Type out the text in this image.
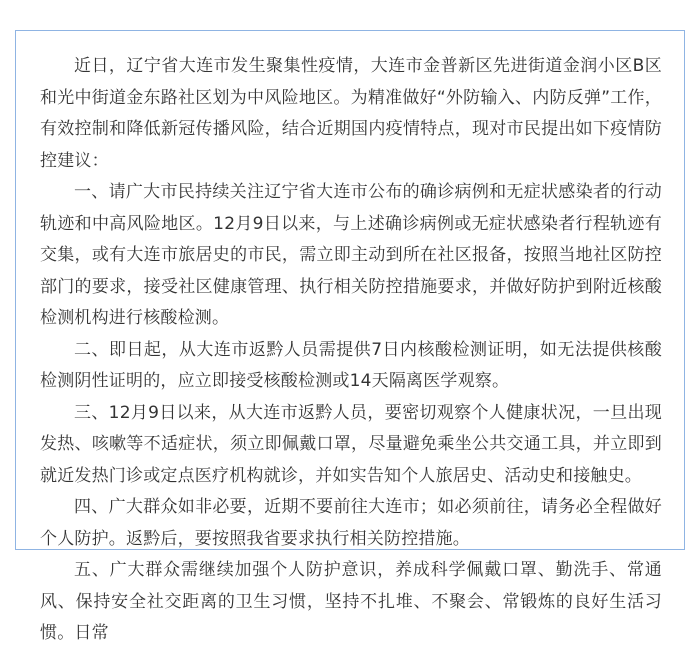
近日，辽宁省大连市发生聚集性疫情，大连市金普新区先进街道金润小区B区和光中街道金东路社区划为中风险地区。为精准做好“外防输入、内防反弹”工作，有效控制和降低新冠传播风险，结合近期国内疫情特点，现对市民提出如下疫情防控建议：

一、请广大市民持续关注辽宁省大连市公布的确诊病例和无症状感染者的行动轨迹和中高风险地区。12月9日以来，与上述确诊病例或无症状感染者行程轨迹有交集，或有大连市旅居史的市民，需立即主动到所在社区报备，按照当地社区防控部门的要求，接受社区健康管理、执行相关防控措施要求，并做好防护到附近核酸检测机构进行核酸检测。

二、即日起，从大连市返黔人员需提供7日内核酸检测证明，如无法提供核酸检测阴性证明的，应立即接受核酸检测或14天隔离医学观察。

三、12月9日以来，从大连市返黔人员，要密切观察个人健康状况，一旦出现发热、咳嗽等不适症状，须立即佩戴口罩，尽量避免乘坐公共交通工具，并立即到就近发热门诊或定点医疗机构就诊，并如实告知个人旅居史、活动史和接触史。

四、广大群众如非必要，近期不要前往大连市；如必须前往，请务必全程做好个人防护。返黔后，要按照我省要求执行相关防控措施。

五、广大群众需继续加强个人防护意识，养成科学佩戴口罩、勤洗手、常通风、保持安全社交距离的卫生习惯，坚持不扎堆、不聚会、常锻炼的良好生活习惯。日常
